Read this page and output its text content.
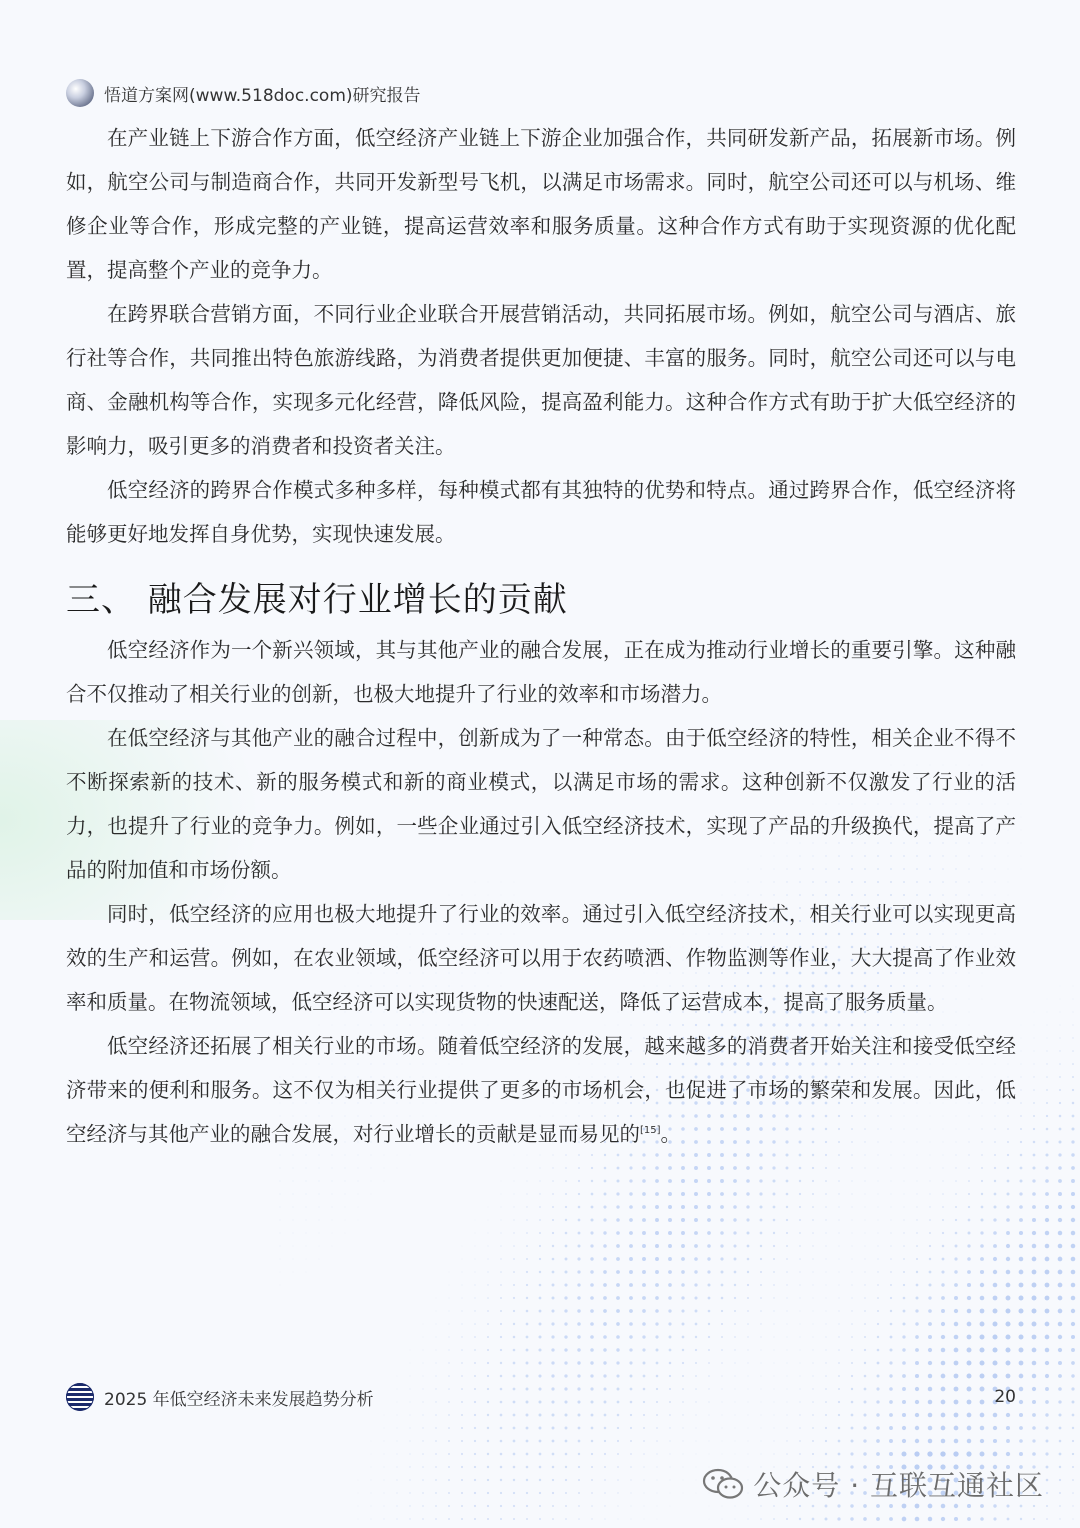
悟道方案网(www.518doc.com)研究报告

在产业链上下游合作方面，低空经济产业链上下游企业加强合作，共同研发新产品，拓展新市场。例如，航空公司与制造商合作，共同开发新型号飞机，以满足市场需求。同时，航空公司还可以与机场、维修企业等合作，形成完整的产业链，提高运营效率和服务质量。这种合作方式有助于实现资源的优化配置，提高整个产业的竞争力。

在跨界联合营销方面，不同行业企业联合开展营销活动，共同拓展市场。例如，航空公司与酒店、旅行社等合作，共同推出特色旅游线路，为消费者提供更加便捷、丰富的服务。同时，航空公司还可以与电商、金融机构等合作，实现多元化经营，降低风险，提高盈利能力。这种合作方式有助于扩大低空经济的影响力，吸引更多的消费者和投资者关注。

低空经济的跨界合作模式多种多样，每种模式都有其独特的优势和特点。通过跨界合作，低空经济将能够更好地发挥自身优势，实现快速发展。

三、 融合发展对行业增长的贡献

低空经济作为一个新兴领域，其与其他产业的融合发展，正在成为推动行业增长的重要引擎。这种融合不仅推动了相关行业的创新，也极大地提升了行业的效率和市场潜力。

在低空经济与其他产业的融合过程中，创新成为了一种常态。由于低空经济的特性，相关企业不得不不断探索新的技术、新的服务模式和新的商业模式，以满足市场的需求。这种创新不仅激发了行业的活力，也提升了行业的竞争力。例如，一些企业通过引入低空经济技术，实现了产品的升级换代，提高了产品的附加值和市场份额。

同时，低空经济的应用也极大地提升了行业的效率。通过引入低空经济技术，相关行业可以实现更高效的生产和运营。例如，在农业领域，低空经济可以用于农药喷洒、作物监测等作业，大大提高了作业效率和质量。在物流领域，低空经济可以实现货物的快速配送，降低了运营成本，提高了服务质量。

低空经济还拓展了相关行业的市场。随着低空经济的发展，越来越多的消费者开始关注和接受低空经济带来的便利和服务。这不仅为相关行业提供了更多的市场机会，也促进了市场的繁荣和发展。因此，低空经济与其他产业的融合发展，对行业增长的贡献是显而易见的[15]。

2025 年低空经济未来发展趋势分析	20
公众号 · 互联互通社区
